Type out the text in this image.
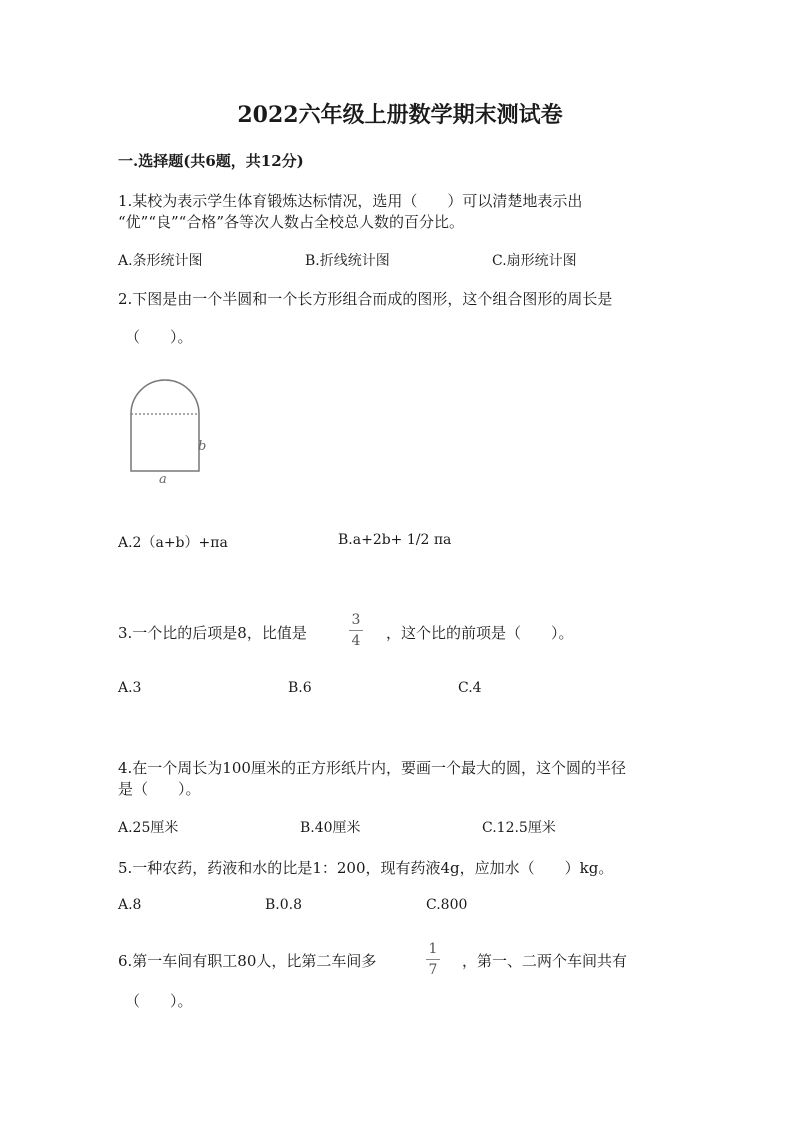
2022六年级上册数学期末测试卷
一.选择题(共6题，共12分)
1.某校为表示学生体育锻炼达标情况，选用（　　）可以清楚地表示出
“优”“良”“合格”各等次人数占全校总人数的百分比。
A.条形统计图	B.折线统计图	C.扇形统计图
2.下图是由一个半圆和一个长方形组合而成的图形，这个组合图形的周长是
（　　）。
b
a
A.2（a+b）+πa	B.a+2b+ 1/2 πa
3.一个比的后项是8，比值是
3
4 ，这个比的前项是（　　）。
A.3	B.6	C.4
4.在一个周长为100厘米的正方形纸片内，要画一个最大的圆，这个圆的半径
是（　　）。
A.25厘米	B.40厘米	C.12.5厘米
5.一种农药，药液和水的比是1：200，现有药液4g，应加水（　　）kg。
A.8	B.0.8	C.800
6.第一车间有职工80人，比第二车间多
1
7 ，第一、二两个车间共有
（　　）。
